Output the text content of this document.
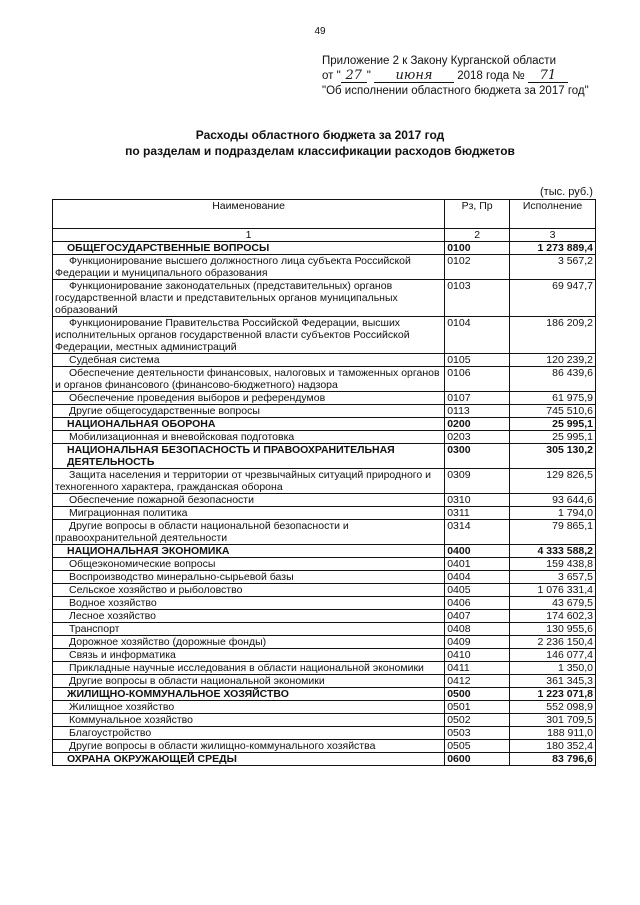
49
Приложение 2 к Закону Курганской области
от " 27 " июня 2018 года № 71
"Об исполнении областного бюджета за 2017 год"
Расходы областного бюджета за 2017 год
по разделам и подразделам классификации расходов бюджетов
(тыс. руб.)
Наименование	Рз, Пр	Исполнение
1	2	3
ОБЩЕГОСУДАРСТВЕННЫЕ ВОПРОСЫ	0100	1 273 889,4
Функционирование высшего должностного лица субъекта Российской Федерации и муниципального образования	0102	3 567,2
Функционирование законодательных (представительных) органов государственной власти и представительных органов муниципальных образований	0103	69 947,7
Функционирование Правительства Российской Федерации, высших исполнительных органов государственной власти субъектов Российской Федерации, местных администраций	0104	186 209,2
Судебная система	0105	120 239,2
Обеспечение деятельности финансовых, налоговых и таможенных органов и органов финансового (финансово-бюджетного) надзора	0106	86 439,6
Обеспечение проведения выборов и референдумов	0107	61 975,9
Другие общегосударственные вопросы	0113	745 510,6
НАЦИОНАЛЬНАЯ ОБОРОНА	0200	25 995,1
Мобилизационная и вневойсковая подготовка	0203	25 995,1
НАЦИОНАЛЬНАЯ БЕЗОПАСНОСТЬ И ПРАВООХРАНИТЕЛЬНАЯ ДЕЯТЕЛЬНОСТЬ	0300	305 130,2
Защита населения и территории от чрезвычайных ситуаций природного и техногенного характера, гражданская оборона	0309	129 826,5
Обеспечение пожарной безопасности	0310	93 644,6
Миграционная политика	0311	1 794,0
Другие вопросы в области национальной безопасности и правоохранительной деятельности	0314	79 865,1
НАЦИОНАЛЬНАЯ ЭКОНОМИКА	0400	4 333 588,2
Общеэкономические вопросы	0401	159 438,8
Воспроизводство минерально-сырьевой базы	0404	3 657,5
Сельское хозяйство и рыболовство	0405	1 076 331,4
Водное хозяйство	0406	43 679,5
Лесное хозяйство	0407	174 602,3
Транспорт	0408	130 955,6
Дорожное хозяйство (дорожные фонды)	0409	2 236 150,4
Связь и информатика	0410	146 077,4
Прикладные научные исследования в области национальной экономики	0411	1 350,0
Другие вопросы в области национальной экономики	0412	361 345,3
ЖИЛИЩНО-КОММУНАЛЬНОЕ ХОЗЯЙСТВО	0500	1 223 071,8
Жилищное хозяйство	0501	552 098,9
Коммунальное хозяйство	0502	301 709,5
Благоустройство	0503	188 911,0
Другие вопросы в области жилищно-коммунального хозяйства	0505	180 352,4
ОХРАНА ОКРУЖАЮЩЕЙ СРЕДЫ	0600	83 796,6
